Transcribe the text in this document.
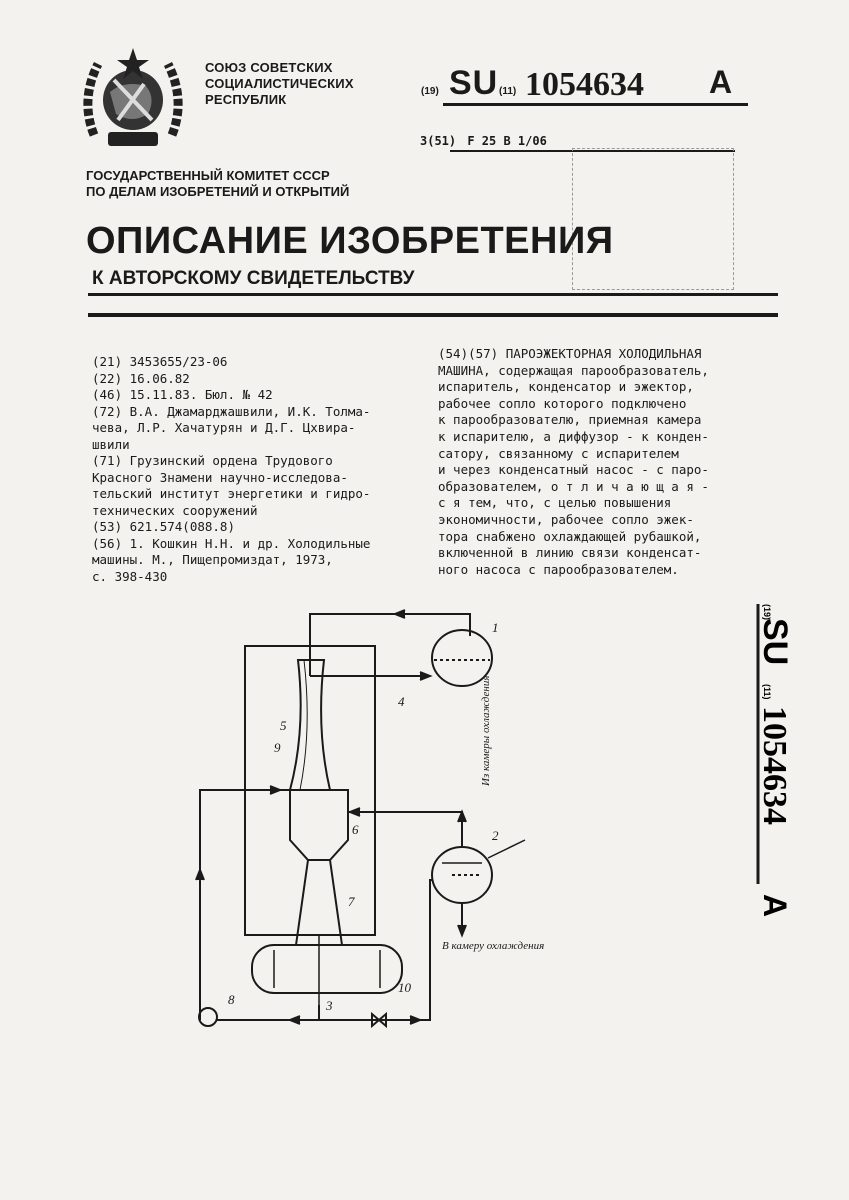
СОЮЗ СОВЕТСКИХ
СОЦИАЛИСТИЧЕСКИХ
РЕСПУБЛИК
ГОСУДАРСТВЕННЫЙ КОМИТЕТ СССР
ПО ДЕЛАМ ИЗОБРЕТЕНИЙ И ОТКРЫТИЙ
(19) SU (11) 1054634 A
3(51) F 25 B 1/06
ОПИСАНИЕ ИЗОБРЕТЕНИЯ
К АВТОРСКОМУ СВИДЕТЕЛЬСТВУ
(21) 3453655/23-06
(22) 16.06.82
(46) 15.11.83. Бюл. № 42
(72) В.А. Джамарджашвили, И.К. Толма-
чева, Л.Р. Хачатурян и Д.Г. Цхвира-
швили
(71) Грузинский ордена Трудового
Красного Знамени научно-исследова-
тельский институт энергетики и гидро-
технических сооружений
(53) 621.574(088.8)
(56) 1. Кошкин Н.Н. и др. Холодильные
машины. М., Пищепромиздат, 1973,
с. 398-430
(54)(57) ПАРОЭЖЕКТОРНАЯ ХОЛОДИЛЬНАЯ
МАШИНА, содержащая парообразователь,
испаритель, конденсатор и эжектор,
рабочее сопло которого подключено
к парообразователю, приемная камера
к испарителю, а диффузор - к конден-
сатору, связанному с испарителем
и через конденсатный насос - с паро-
образователем, о т л и ч а ю щ а я -
с я тем, что, с целью повышения
экономичности, рабочее сопло эжек-
тора снабжено охлаждающей рубашкой,
включенной в линию связи конденсат-
ного насоса с парообразователем.
(19)
SU
(11)
1054634
A
1
2
3
4
5
6
7
8
9
10
Из камеры охлаждения
В камеру охлаждения
